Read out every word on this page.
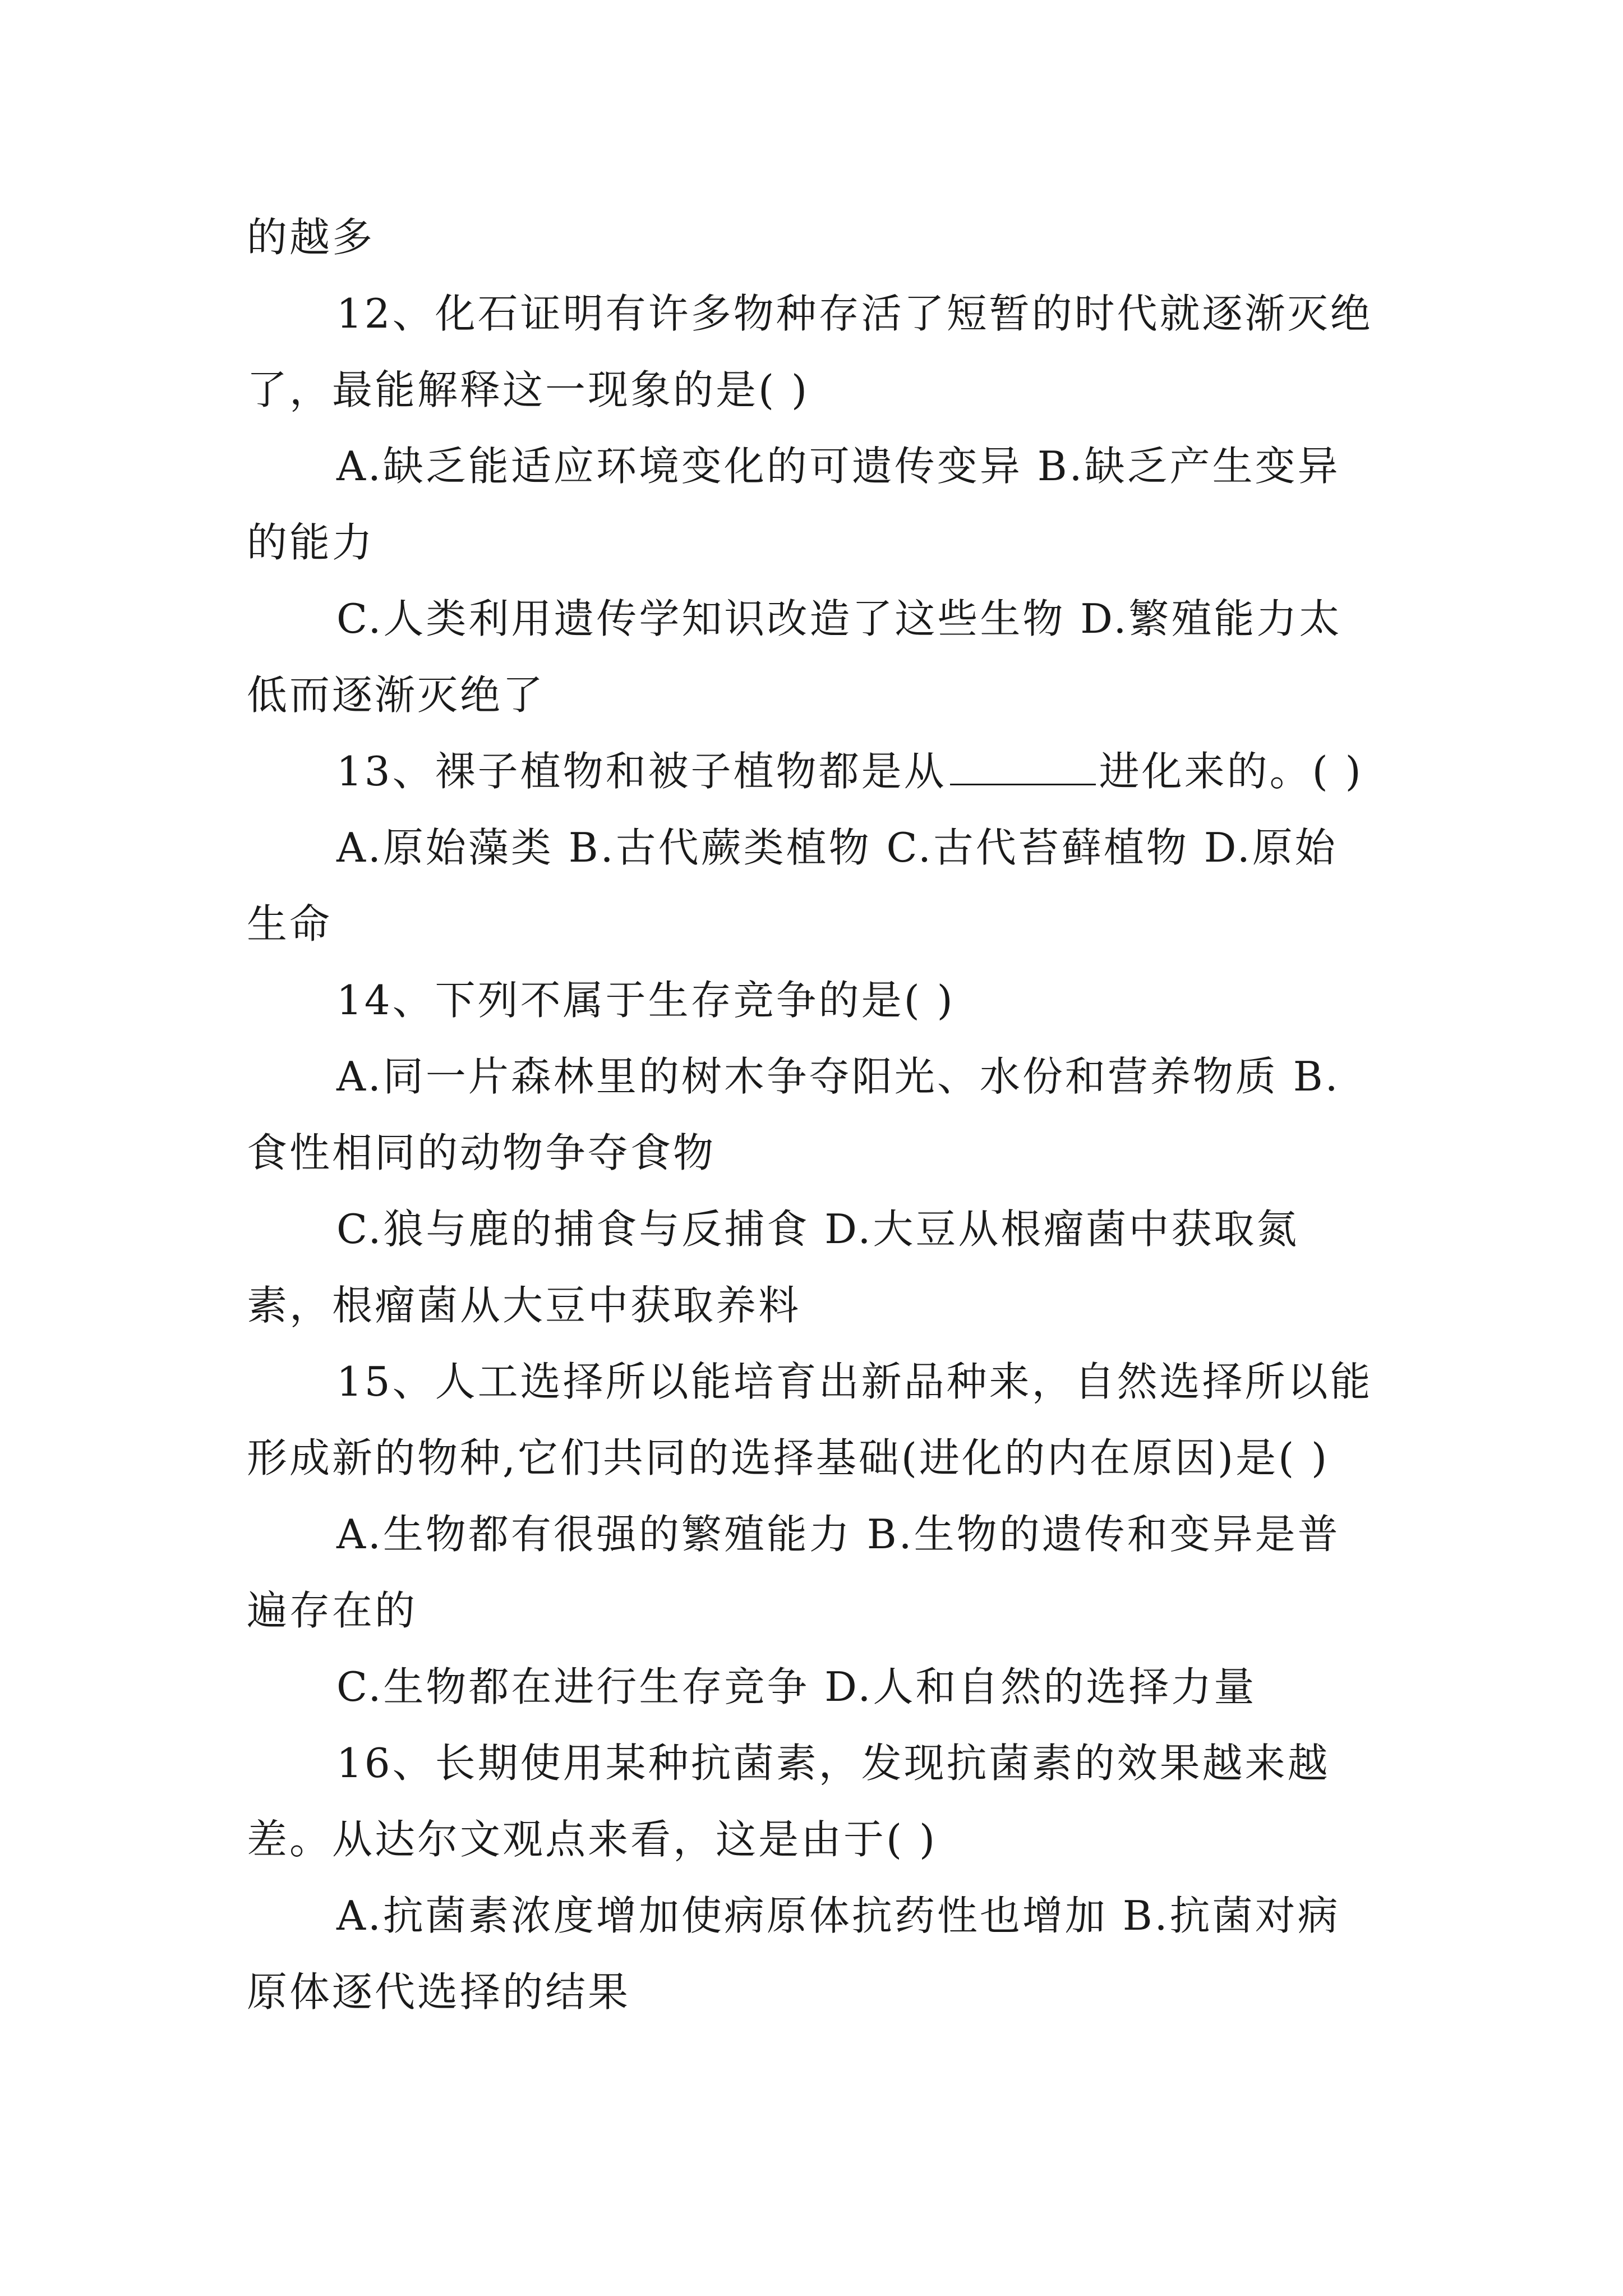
的越多

12、化石证明有许多物种存活了短暂的时代就逐渐灭绝了，最能解释这一现象的是( )

A.缺乏能适应环境变化的可遗传变异 B.缺乏产生变异的能力

C.人类利用遗传学知识改造了这些生物 D.繁殖能力太低而逐渐灭绝了

13、裸子植物和被子植物都是从	进化来的。( )

A.原始藻类 B.古代蕨类植物 C.古代苔藓植物 D.原始生命

14、下列不属于生存竞争的是( )

A.同一片森林里的树木争夺阳光、水份和营养物质 B.食性相同的动物争夺食物

C.狼与鹿的捕食与反捕食 D.大豆从根瘤菌中获取氮素，根瘤菌从大豆中获取养料

15、人工选择所以能培育出新品种来，自然选择所以能形成新的物种,它们共同的选择基础(进化的内在原因)是( )

A.生物都有很强的繁殖能力 B.生物的遗传和变异是普遍存在的

C.生物都在进行生存竞争 D.人和自然的选择力量

16、长期使用某种抗菌素，发现抗菌素的效果越来越差。从达尔文观点来看，这是由于( )

A.抗菌素浓度增加使病原体抗药性也增加 B.抗菌对病原体逐代选择的结果
